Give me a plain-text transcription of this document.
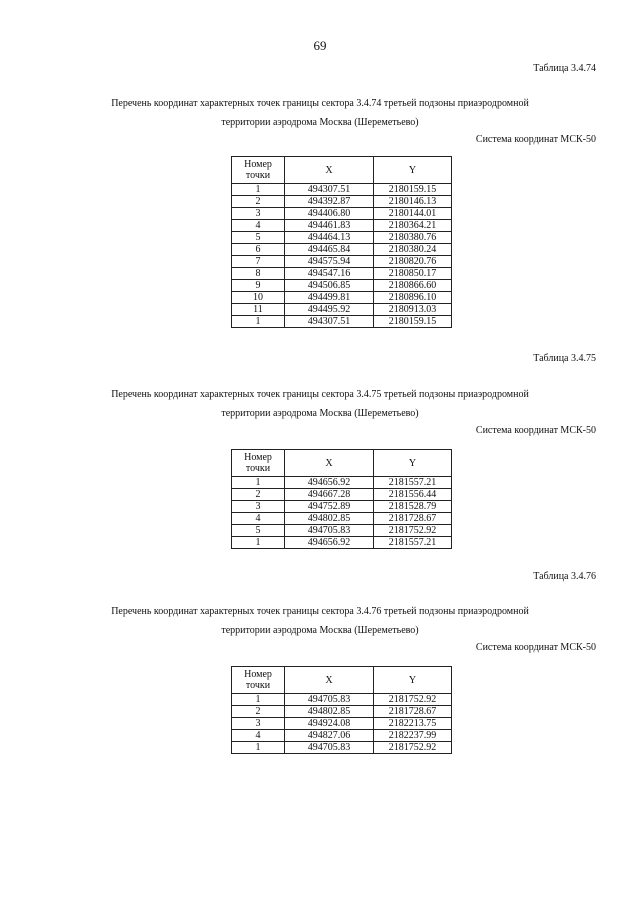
69
Таблица 3.4.74
Перечень координат характерных точек границы сектора 3.4.74 третьей подзоны приаэродромной
территории аэродрома Москва (Шереметьево)
Система координат МСК-50
Номер точки	X	Y
1	494307.51	2180159.15
2	494392.87	2180146.13
3	494406.80	2180144.01
4	494461.83	2180364.21
5	494464.13	2180380.76
6	494465.84	2180380.24
7	494575.94	2180820.76
8	494547.16	2180850.17
9	494506.85	2180866.60
10	494499.81	2180896.10
11	494495.92	2180913.03
1	494307.51	2180159.15
Таблица 3.4.75
Перечень координат характерных точек границы сектора 3.4.75 третьей подзоны приаэродромной
территории аэродрома Москва (Шереметьево)
Система координат МСК-50
Номер точки	X	Y
1	494656.92	2181557.21
2	494667.28	2181556.44
3	494752.89	2181528.79
4	494802.85	2181728.67
5	494705.83	2181752.92
1	494656.92	2181557.21
Таблица 3.4.76
Перечень координат характерных точек границы сектора 3.4.76 третьей подзоны приаэродромной
территории аэродрома Москва (Шереметьево)
Система координат МСК-50
Номер точки	X	Y
1	494705.83	2181752.92
2	494802.85	2181728.67
3	494924.08	2182213.75
4	494827.06	2182237.99
1	494705.83	2181752.92
